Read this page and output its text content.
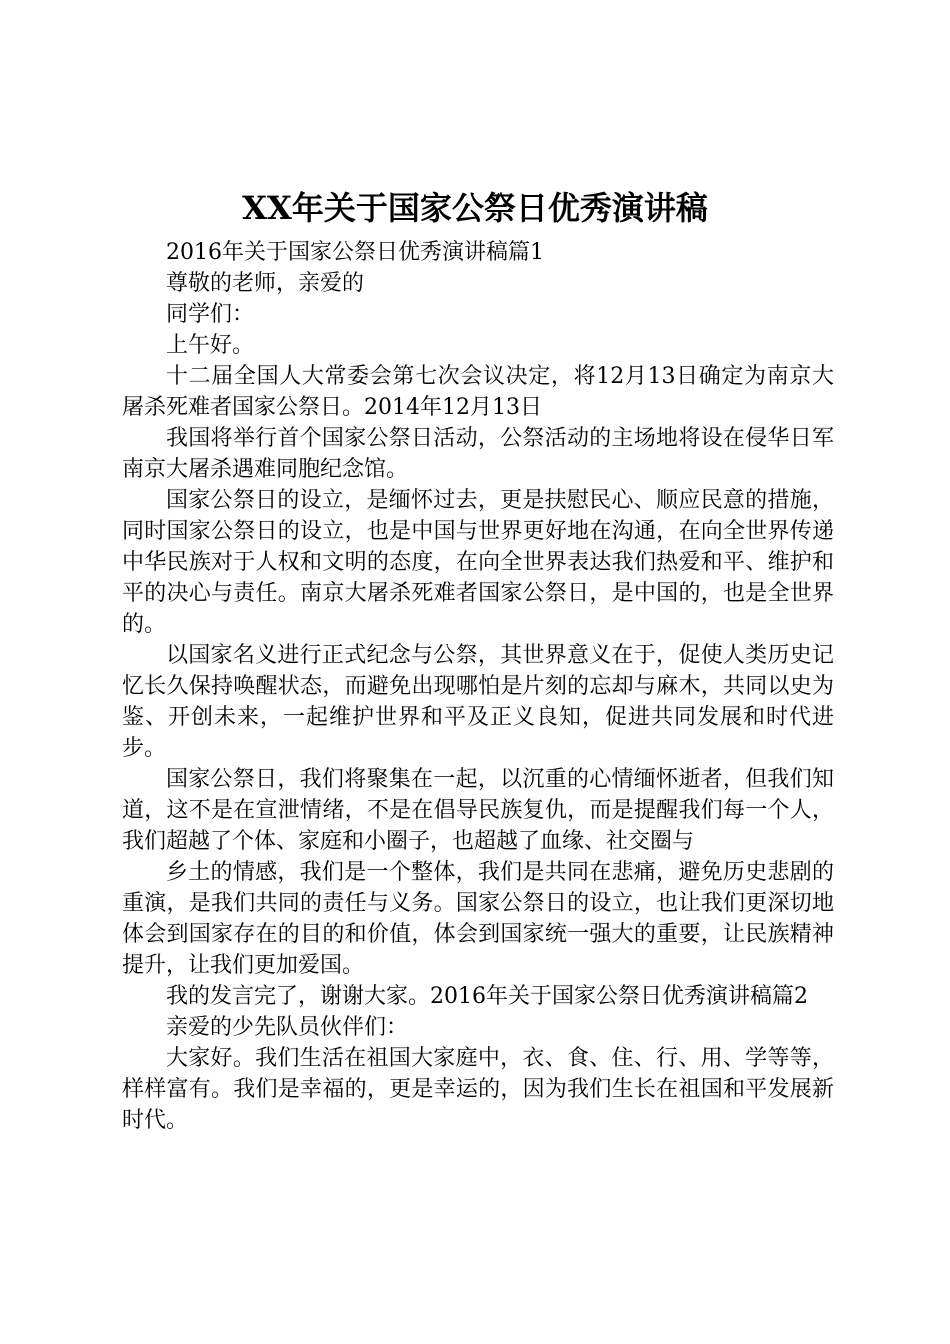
XX年关于国家公祭日优秀演讲稿

2016年关于国家公祭日优秀演讲稿篇1

尊敬的老师，亲爱的

同学们：

上午好。

十二届全国人大常委会第七次会议决定，将12月13日确定为南京大屠杀死难者国家公祭日。2014年12月13日

我国将举行首个国家公祭日活动，公祭活动的主场地将设在侵华日军南京大屠杀遇难同胞纪念馆。

国家公祭日的设立，是缅怀过去，更是扶慰民心、顺应民意的措施，同时国家公祭日的设立，也是中国与世界更好地在沟通，在向全世界传递中华民族对于人权和文明的态度，在向全世界表达我们热爱和平、维护和平的决心与责任。南京大屠杀死难者国家公祭日，是中国的，也是全世界的。

以国家名义进行正式纪念与公祭，其世界意义在于，促使人类历史记忆长久保持唤醒状态，而避免出现哪怕是片刻的忘却与麻木，共同以史为鉴、开创未来，一起维护世界和平及正义良知，促进共同发展和时代进步。

国家公祭日，我们将聚集在一起，以沉重的心情缅怀逝者，但我们知道，这不是在宣泄情绪，不是在倡导民族复仇，而是提醒我们每一个人，我们超越了个体、家庭和小圈子，也超越了血缘、社交圈与

乡土的情感，我们是一个整体，我们是共同在悲痛，避免历史悲剧的重演，是我们共同的责任与义务。国家公祭日的设立，也让我们更深切地体会到国家存在的目的和价值，体会到国家统一强大的重要，让民族精神提升，让我们更加爱国。

我的发言完了，谢谢大家。2016年关于国家公祭日优秀演讲稿篇2

亲爱的少先队员伙伴们：

大家好。我们生活在祖国大家庭中，衣、食、住、行、用、学等等，样样富有。我们是幸福的，更是幸运的，因为我们生长在祖国和平发展新时代。
